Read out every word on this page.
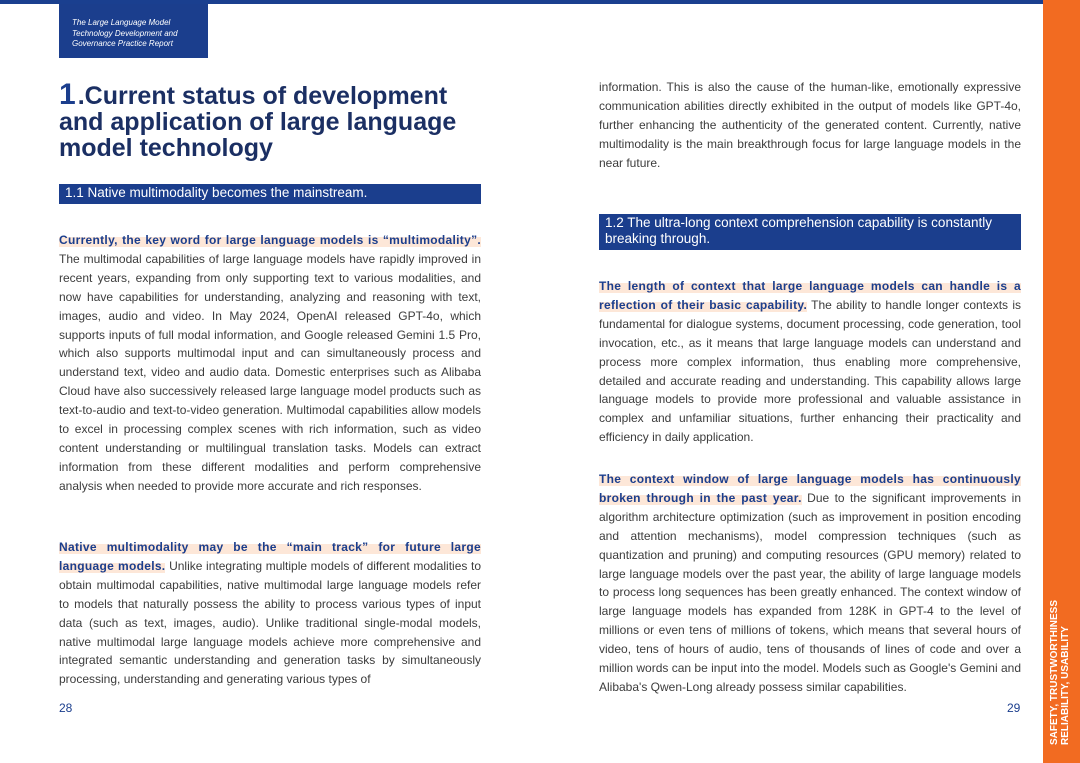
The Large Language Model
Technology Development and
Governance Practice Report
SAFETY, TRUSTWORTHINESS RELIABILITY, USABILITY
1.Current status of development and application of large language model technology
1.1 Native multimodality becomes the mainstream.

Currently, the key word for large language models is “multimodality”. The multimodal capabilities of large language models have rapidly improved in recent years, expanding from only supporting text to various modalities, and now have capabilities for understanding, analyzing and reasoning with text, images, audio and video. In May 2024, OpenAI released GPT-4o, which supports inputs of full modal information, and Google released Gemini 1.5 Pro, which also supports multimodal input and can simultaneously process and understand text, video and audio data. Domestic enterprises such as Alibaba Cloud have also successively released large language model products such as text-to-audio and text-to-video generation. Multimodal capabilities allow models to excel in processing complex scenes with rich information, such as video content understanding or multilingual translation tasks. Models can extract information from these different modalities and perform comprehensive analysis when needed to provide more accurate and rich responses.

Native multimodality may be the “main track” for future large language models. Unlike integrating multiple models of different modalities to obtain multimodal capabilities, native multimodal large language models refer to models that naturally possess the ability to process various types of input data (such as text, images, audio). Unlike traditional single-modal models, native multimodal large language models achieve more comprehensive and integrated semantic understanding and generation tasks by simultaneously processing, understanding and generating various types of

28

information. This is also the cause of the human-like, emotionally expressive communication abilities directly exhibited in the output of models like GPT-4o, further enhancing the authenticity of the generated content. Currently, native multimodality is the main breakthrough focus for large language models in the near future.

1.2 The ultra-long context comprehension capability is constantly breaking through.

The length of context that large language models can handle is a reflection of their basic capability. The ability to handle longer contexts is fundamental for dialogue systems, document processing, code generation, tool invocation, etc., as it means that large language models can understand and process more complex information, thus enabling more comprehensive, detailed and accurate reading and understanding. This capability allows large language models to provide more professional and valuable assistance in complex and unfamiliar situations, further enhancing their practicality and efficiency in daily application.

The context window of large language models has continuously broken through in the past year. Due to the significant improvements in algorithm architecture optimization (such as improvement in position encoding and attention mechanisms), model compression techniques (such as quantization and pruning) and computing resources (GPU memory) related to large language models over the past year, the ability of large language models to process long sequences has been greatly enhanced. The context window of large language models has expanded from 128K in GPT-4 to the level of millions or even tens of millions of tokens, which means that several hours of video, tens of hours of audio, tens of thousands of lines of code and over a million words can be input into the model. Models such as Google's Gemini and Alibaba's Qwen-Long already possess similar capabilities.

29
